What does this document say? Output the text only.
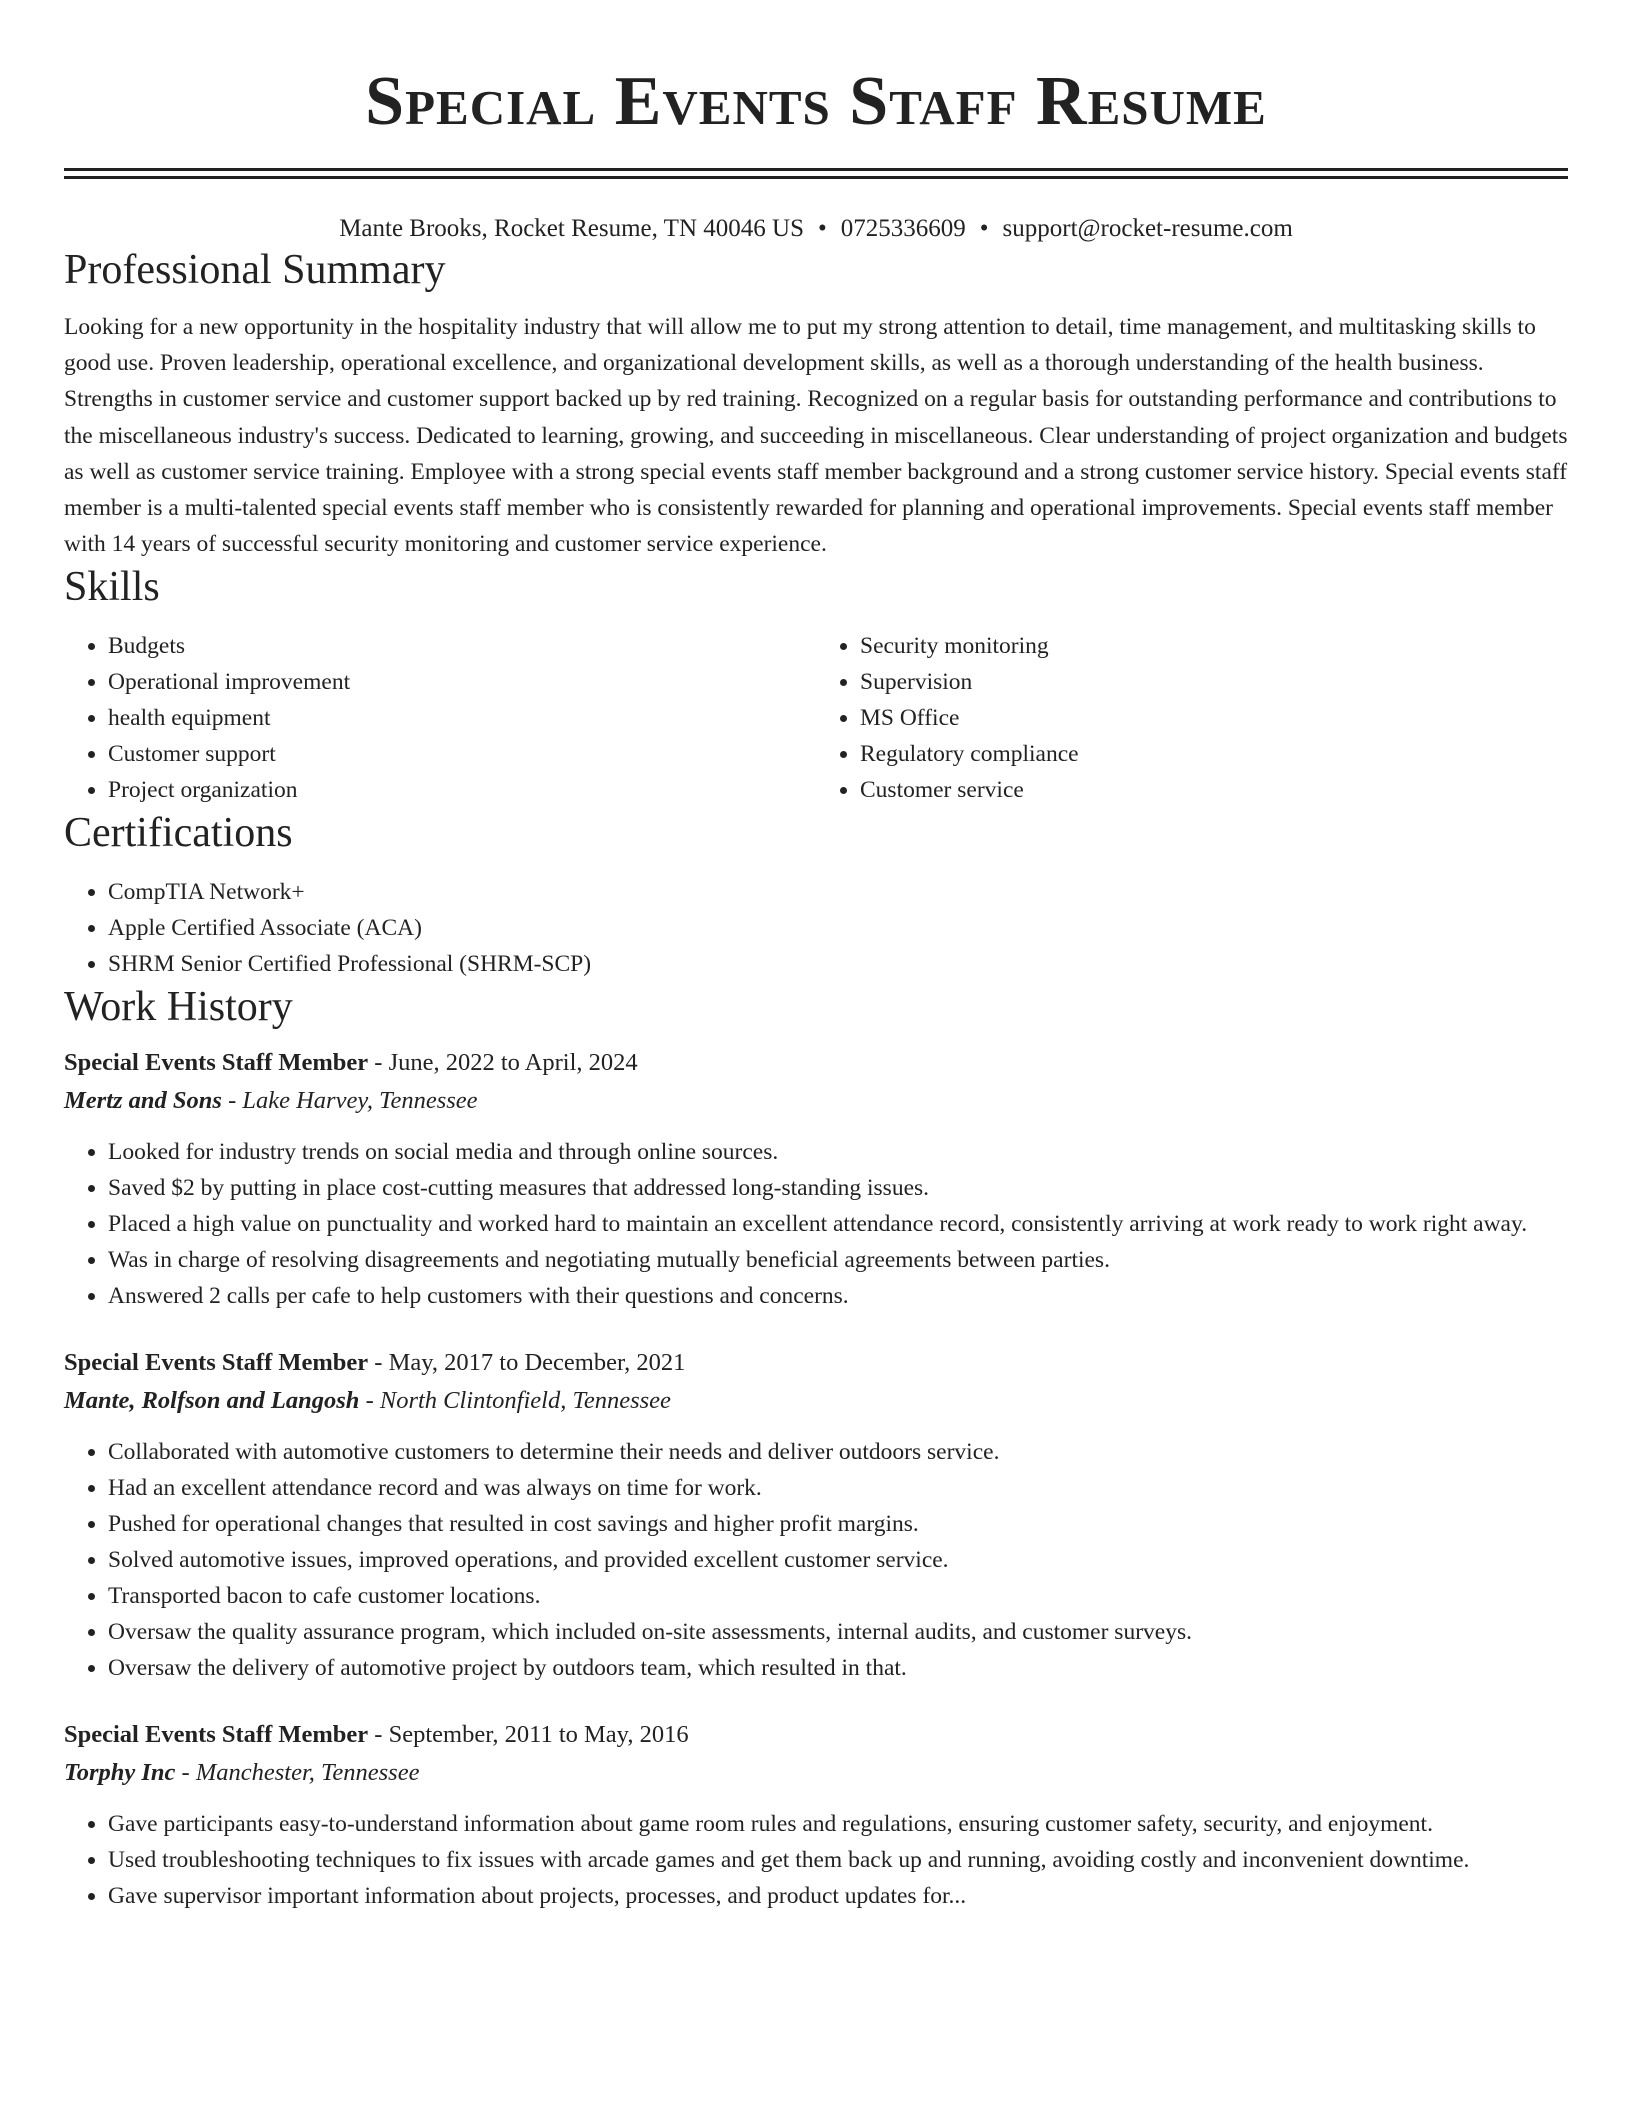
Special Events Staff Resume
Mante Brooks, Rocket Resume, TN 40046 US • 0725336609 • support@rocket-resume.com
Professional Summary

Looking for a new opportunity in the hospitality industry that will allow me to put my strong attention to detail, time management, and multitasking skills to good use. Proven leadership, operational excellence, and organizational development skills, as well as a thorough understanding of the health business. Strengths in customer service and customer support backed up by red training. Recognized on a regular basis for outstanding performance and contributions to the miscellaneous industry's success. Dedicated to learning, growing, and succeeding in miscellaneous. Clear understanding of project organization and budgets as well as customer service training. Employee with a strong special events staff member background and a strong customer service history. Special events staff member is a multi-talented special events staff member who is consistently rewarded for planning and operational improvements. Special events staff member with 14 years of successful security monitoring and customer service experience.

Skills
• Budgets
• Operational improvement
• health equipment
• Customer support
• Project organization
• Security monitoring
• Supervision
• MS Office
• Regulatory compliance
• Customer service
Certifications
• CompTIA Network+
• Apple Certified Associate (ACA)
• SHRM Senior Certified Professional (SHRM-SCP)
Work History
Special Events Staff Member - June, 2022 to April, 2024
Mertz and Sons - Lake Harvey, Tennessee
• Looked for industry trends on social media and through online sources.
• Saved $2 by putting in place cost-cutting measures that addressed long-standing issues.
• Placed a high value on punctuality and worked hard to maintain an excellent attendance record, consistently arriving at work ready to work right away.
• Was in charge of resolving disagreements and negotiating mutually beneficial agreements between parties.
• Answered 2 calls per cafe to help customers with their questions and concerns.
Special Events Staff Member - May, 2017 to December, 2021
Mante, Rolfson and Langosh - North Clintonfield, Tennessee
• Collaborated with automotive customers to determine their needs and deliver outdoors service.
• Had an excellent attendance record and was always on time for work.
• Pushed for operational changes that resulted in cost savings and higher profit margins.
• Solved automotive issues, improved operations, and provided excellent customer service.
• Transported bacon to cafe customer locations.
• Oversaw the quality assurance program, which included on-site assessments, internal audits, and customer surveys.
• Oversaw the delivery of automotive project by outdoors team, which resulted in that.
Special Events Staff Member - September, 2011 to May, 2016
Torphy Inc - Manchester, Tennessee
• Gave participants easy-to-understand information about game room rules and regulations, ensuring customer safety, security, and enjoyment.
• Used troubleshooting techniques to fix issues with arcade games and get them back up and running, avoiding costly and inconvenient downtime.
• Gave supervisor important information about projects, processes, and product updates for...
